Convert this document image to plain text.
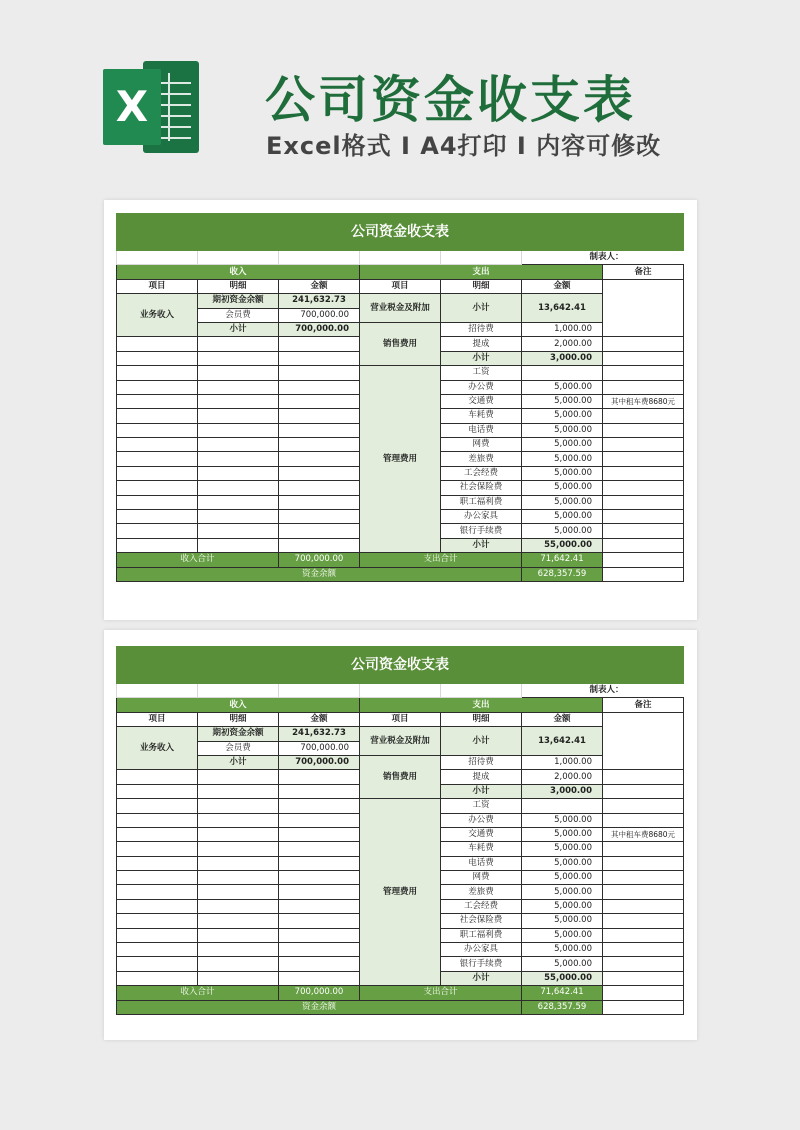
X 公司资金收支表
Excel格式 Ⅰ A4打印 Ⅰ 内容可修改
公司资金收支表						
					制表人：	
收入			支出			备注
项目	明细	金额	项目	明细	金额	
业务收入	期初资金余额	241,632.73	营业税金及附加	小计	13,642.41	
	会员费	700,000.00				
	小计	700,000.00	销售费用	招待费	1,000.00	
				提成	2,000.00	
				小计	3,000.00	
			管理费用	工资		
				办公费	5,000.00	
				交通费	5,000.00	其中租车费8680元
				车耗费	5,000.00	
				电话费	5,000.00	
				网费	5,000.00	
				差旅费	5,000.00	
				工会经费	5,000.00	
				社会保险费	5,000.00	
				职工福利费	5,000.00	
				办公家具	5,000.00	
				银行手续费	5,000.00	
				小计	55,000.00	
收入合计		700,000.00	支出合计		71,642.41	
资金余额					628,357.59	
公司资金收支表						
					制表人：	
收入			支出			备注
项目	明细	金额	项目	明细	金额	
业务收入	期初资金余额	241,632.73	营业税金及附加	小计	13,642.41	
	会员费	700,000.00				
	小计	700,000.00	销售费用	招待费	1,000.00	
				提成	2,000.00	
				小计	3,000.00	
			管理费用	工资		
				办公费	5,000.00	
				交通费	5,000.00	其中租车费8680元
				车耗费	5,000.00	
				电话费	5,000.00	
				网费	5,000.00	
				差旅费	5,000.00	
				工会经费	5,000.00	
				社会保险费	5,000.00	
				职工福利费	5,000.00	
				办公家具	5,000.00	
				银行手续费	5,000.00	
				小计	55,000.00	
收入合计		700,000.00	支出合计		71,642.41	
资金余额					628,357.59	
